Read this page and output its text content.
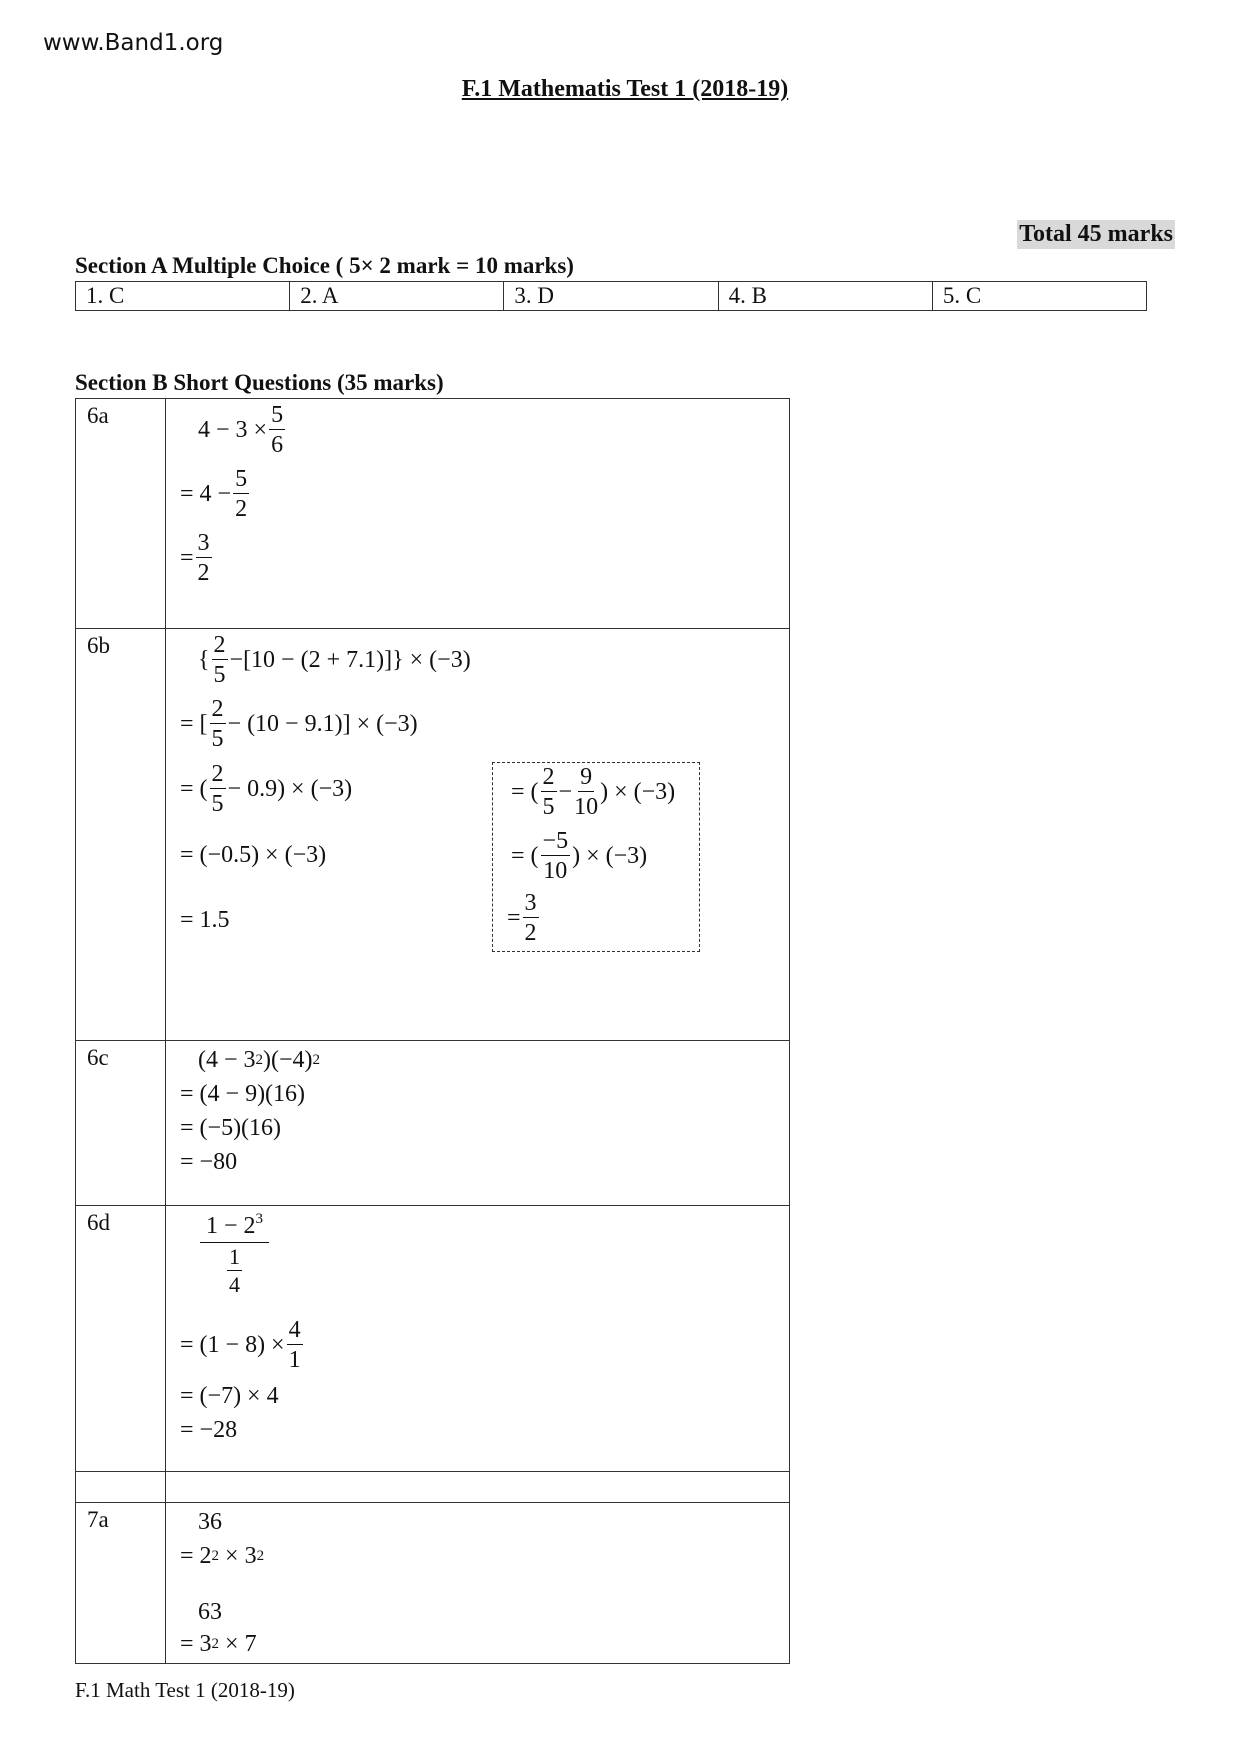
www.Band1.org
F.1 Mathematis Test 1 (2018-19)
Total 45 marks
Section A Multiple Choice ( 5× 2 mark = 10 marks)
1. C	2. A	3. D	4. B	5. C
Section B Short Questions (35 marks)
6a
$4 - 3 \times \frac{5}{6}$
= $4 - \frac{5}{2}$
= $\frac{3}{2}$
6b
{ $\frac{2}{5} -[10 - (2 + 7.1)]\} \times (-3)$
= [ $\frac{2}{5} - (10 - 9.1)] \times (-3)$
= ( $\frac{2}{5} - 0.9) \times (-3)$
= (−0.5) × (−3)
= 1.5
= ( $\frac{2}{5} - \frac{9}{10}$ ) × (−3)
= ( $\frac{-5}{10}$ ) × (−3)
= $\frac{3}{2}$
6c	(4 − 3 2 )(−4) 2
= (4 − 9)(16)
= (−5)(16)
= −80
6d	$\frac{1 - 2^3}{\frac{1}{4}}$
= $(1 - 8) \times \frac{4}{1}$
= (−7) × 4
= −28
7a	36
= 2 2 × 3 2
63
= 3 2 × 7
F.1 Math Test 1 (2018-19)
